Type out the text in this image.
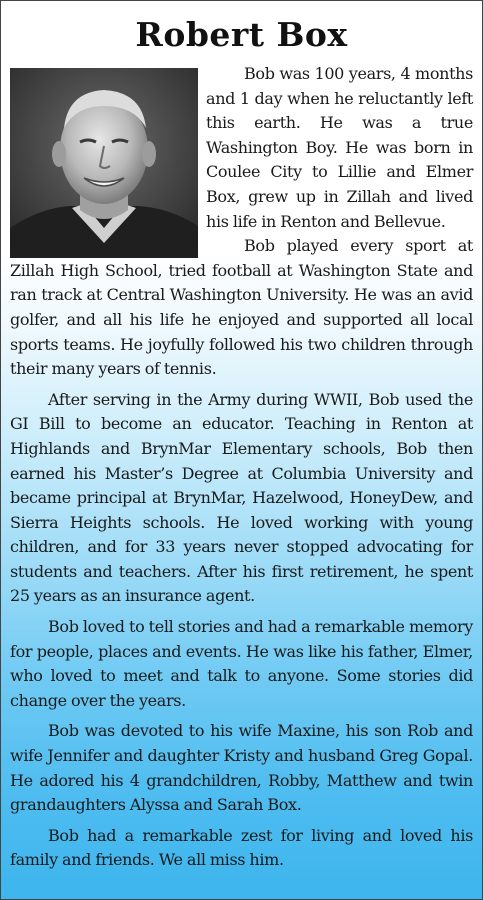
Robert Box

Bob was 100 years, 4 months and 1 day when he reluctantly left this earth. He was a true Washington Boy. He was born in Coulee City to Lillie and Elmer Box, grew up in Zillah and lived his life in Renton and Bellevue.

Bob played every sport at Zillah High School, tried football at Washington State and ran track at Central Washington University. He was an avid golfer, and all his life he enjoyed and supported all local sports teams. He joyfully followed his two children through their many years of tennis.

After serving in the Army during WWII, Bob used the GI Bill to become an educator. Teaching in Renton at Highlands and BrynMar Elementary schools, Bob then earned his Master’s Degree at Columbia University and became principal at BrynMar, Hazelwood, HoneyDew, and Sierra Heights schools. He loved working with young children, and for 33 years never stopped advocating for students and teachers. After his first retirement, he spent 25 years as an insurance agent.

Bob loved to tell stories and had a remarkable memory for people, places and events. He was like his father, Elmer, who loved to meet and talk to anyone. Some stories did change over the years.

Bob was devoted to his wife Maxine, his son Rob and wife Jennifer and daughter Kristy and husband Greg Gopal. He adored his 4 grandchildren, Robby, Matthew and twin grandaughters Alyssa and Sarah Box.

Bob had a remarkable zest for living and loved his family and friends. We all miss him.
